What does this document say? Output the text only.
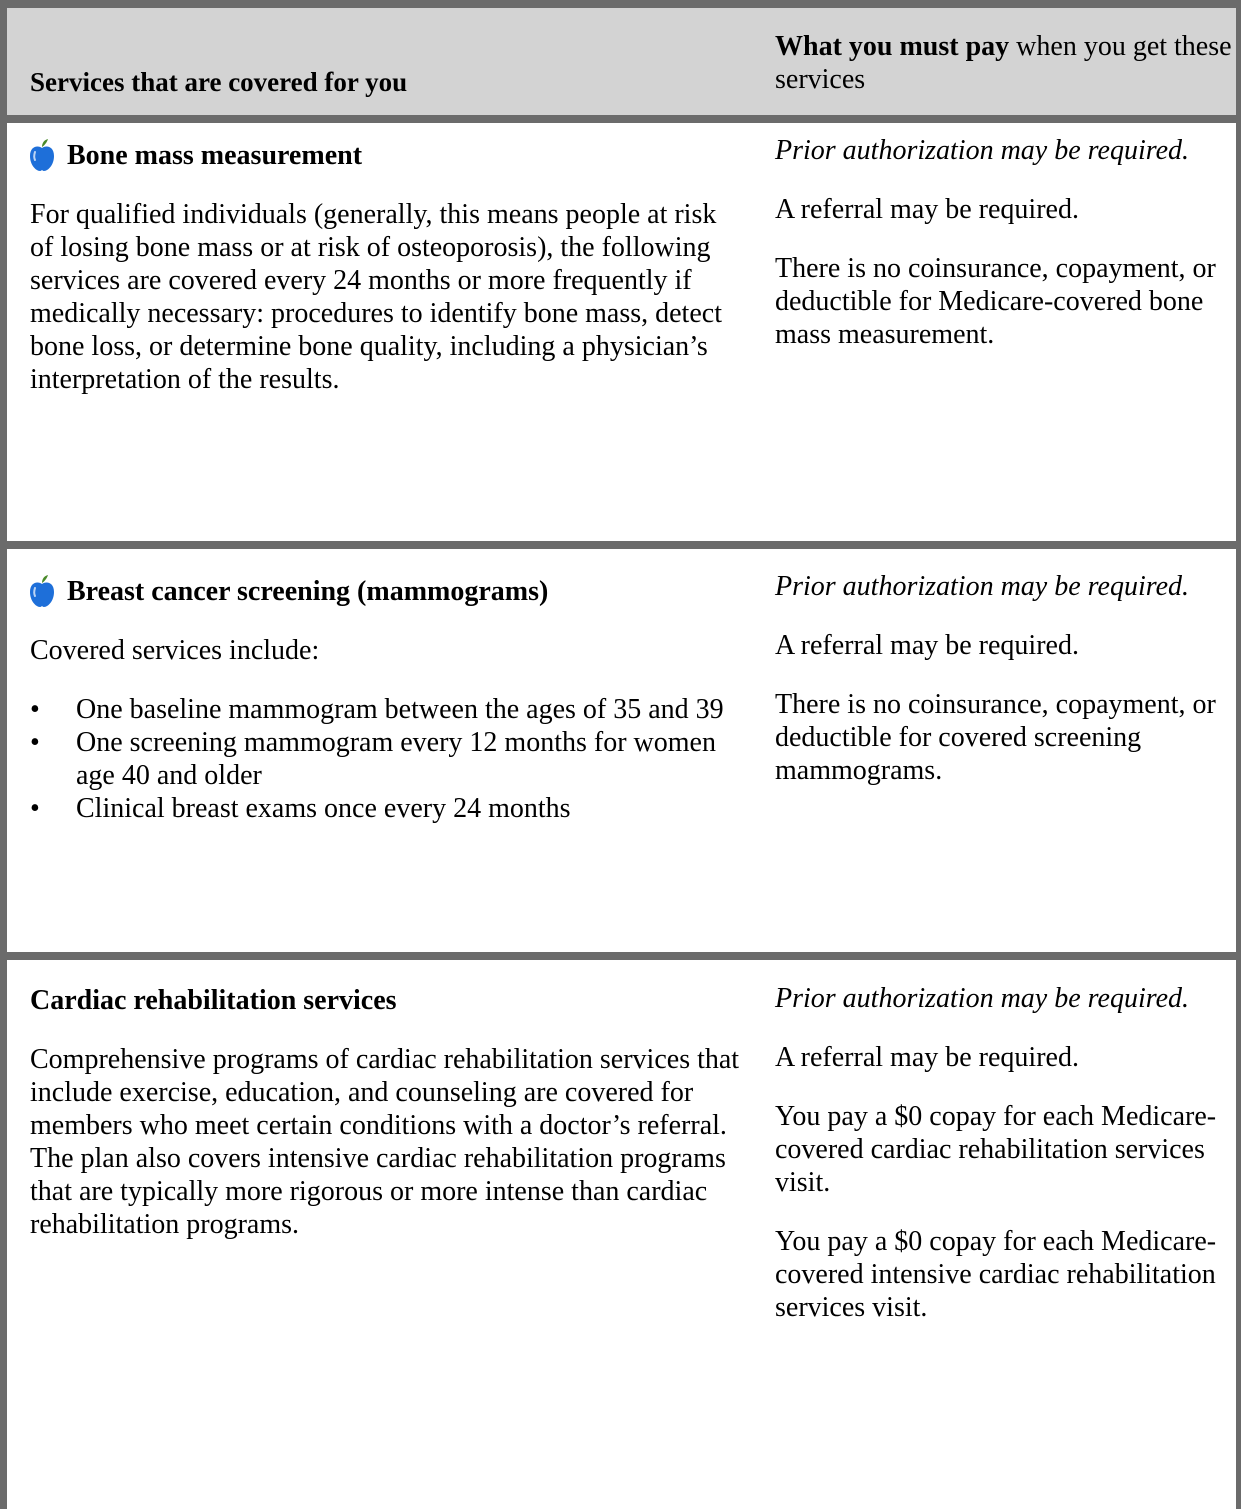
Services that are covered for you
What you must pay when you get these services

Bone mass measurement

For qualified individuals (generally, this means people at risk of losing bone mass or at risk of osteoporosis), the following services are covered every 24 months or more frequently if medically necessary: procedures to identify bone mass, detect bone loss, or determine bone quality, including a physician’s interpretation of the results.

Prior authorization may be required.

A referral may be required.

There is no coinsurance, copayment, or deductible for Medicare-covered bone mass measurement.

Breast cancer screening (mammograms)

Covered services include:

• One baseline mammogram between the ages of 35 and 39
• One screening mammogram every 12 months for women age 40 and older
• Clinical breast exams once every 24 months

Prior authorization may be required.

A referral may be required.

There is no coinsurance, copayment, or deductible for covered screening mammograms.

Cardiac rehabilitation services

Comprehensive programs of cardiac rehabilitation services that include exercise, education, and counseling are covered for members who meet certain conditions with a doctor’s referral. The plan also covers intensive cardiac rehabilitation programs that are typically more rigorous or more intense than cardiac rehabilitation programs.

Prior authorization may be required.

A referral may be required.

You pay a $0 copay for each Medicare-covered cardiac rehabilitation services visit.

You pay a $0 copay for each Medicare-covered intensive cardiac rehabilitation services visit.
